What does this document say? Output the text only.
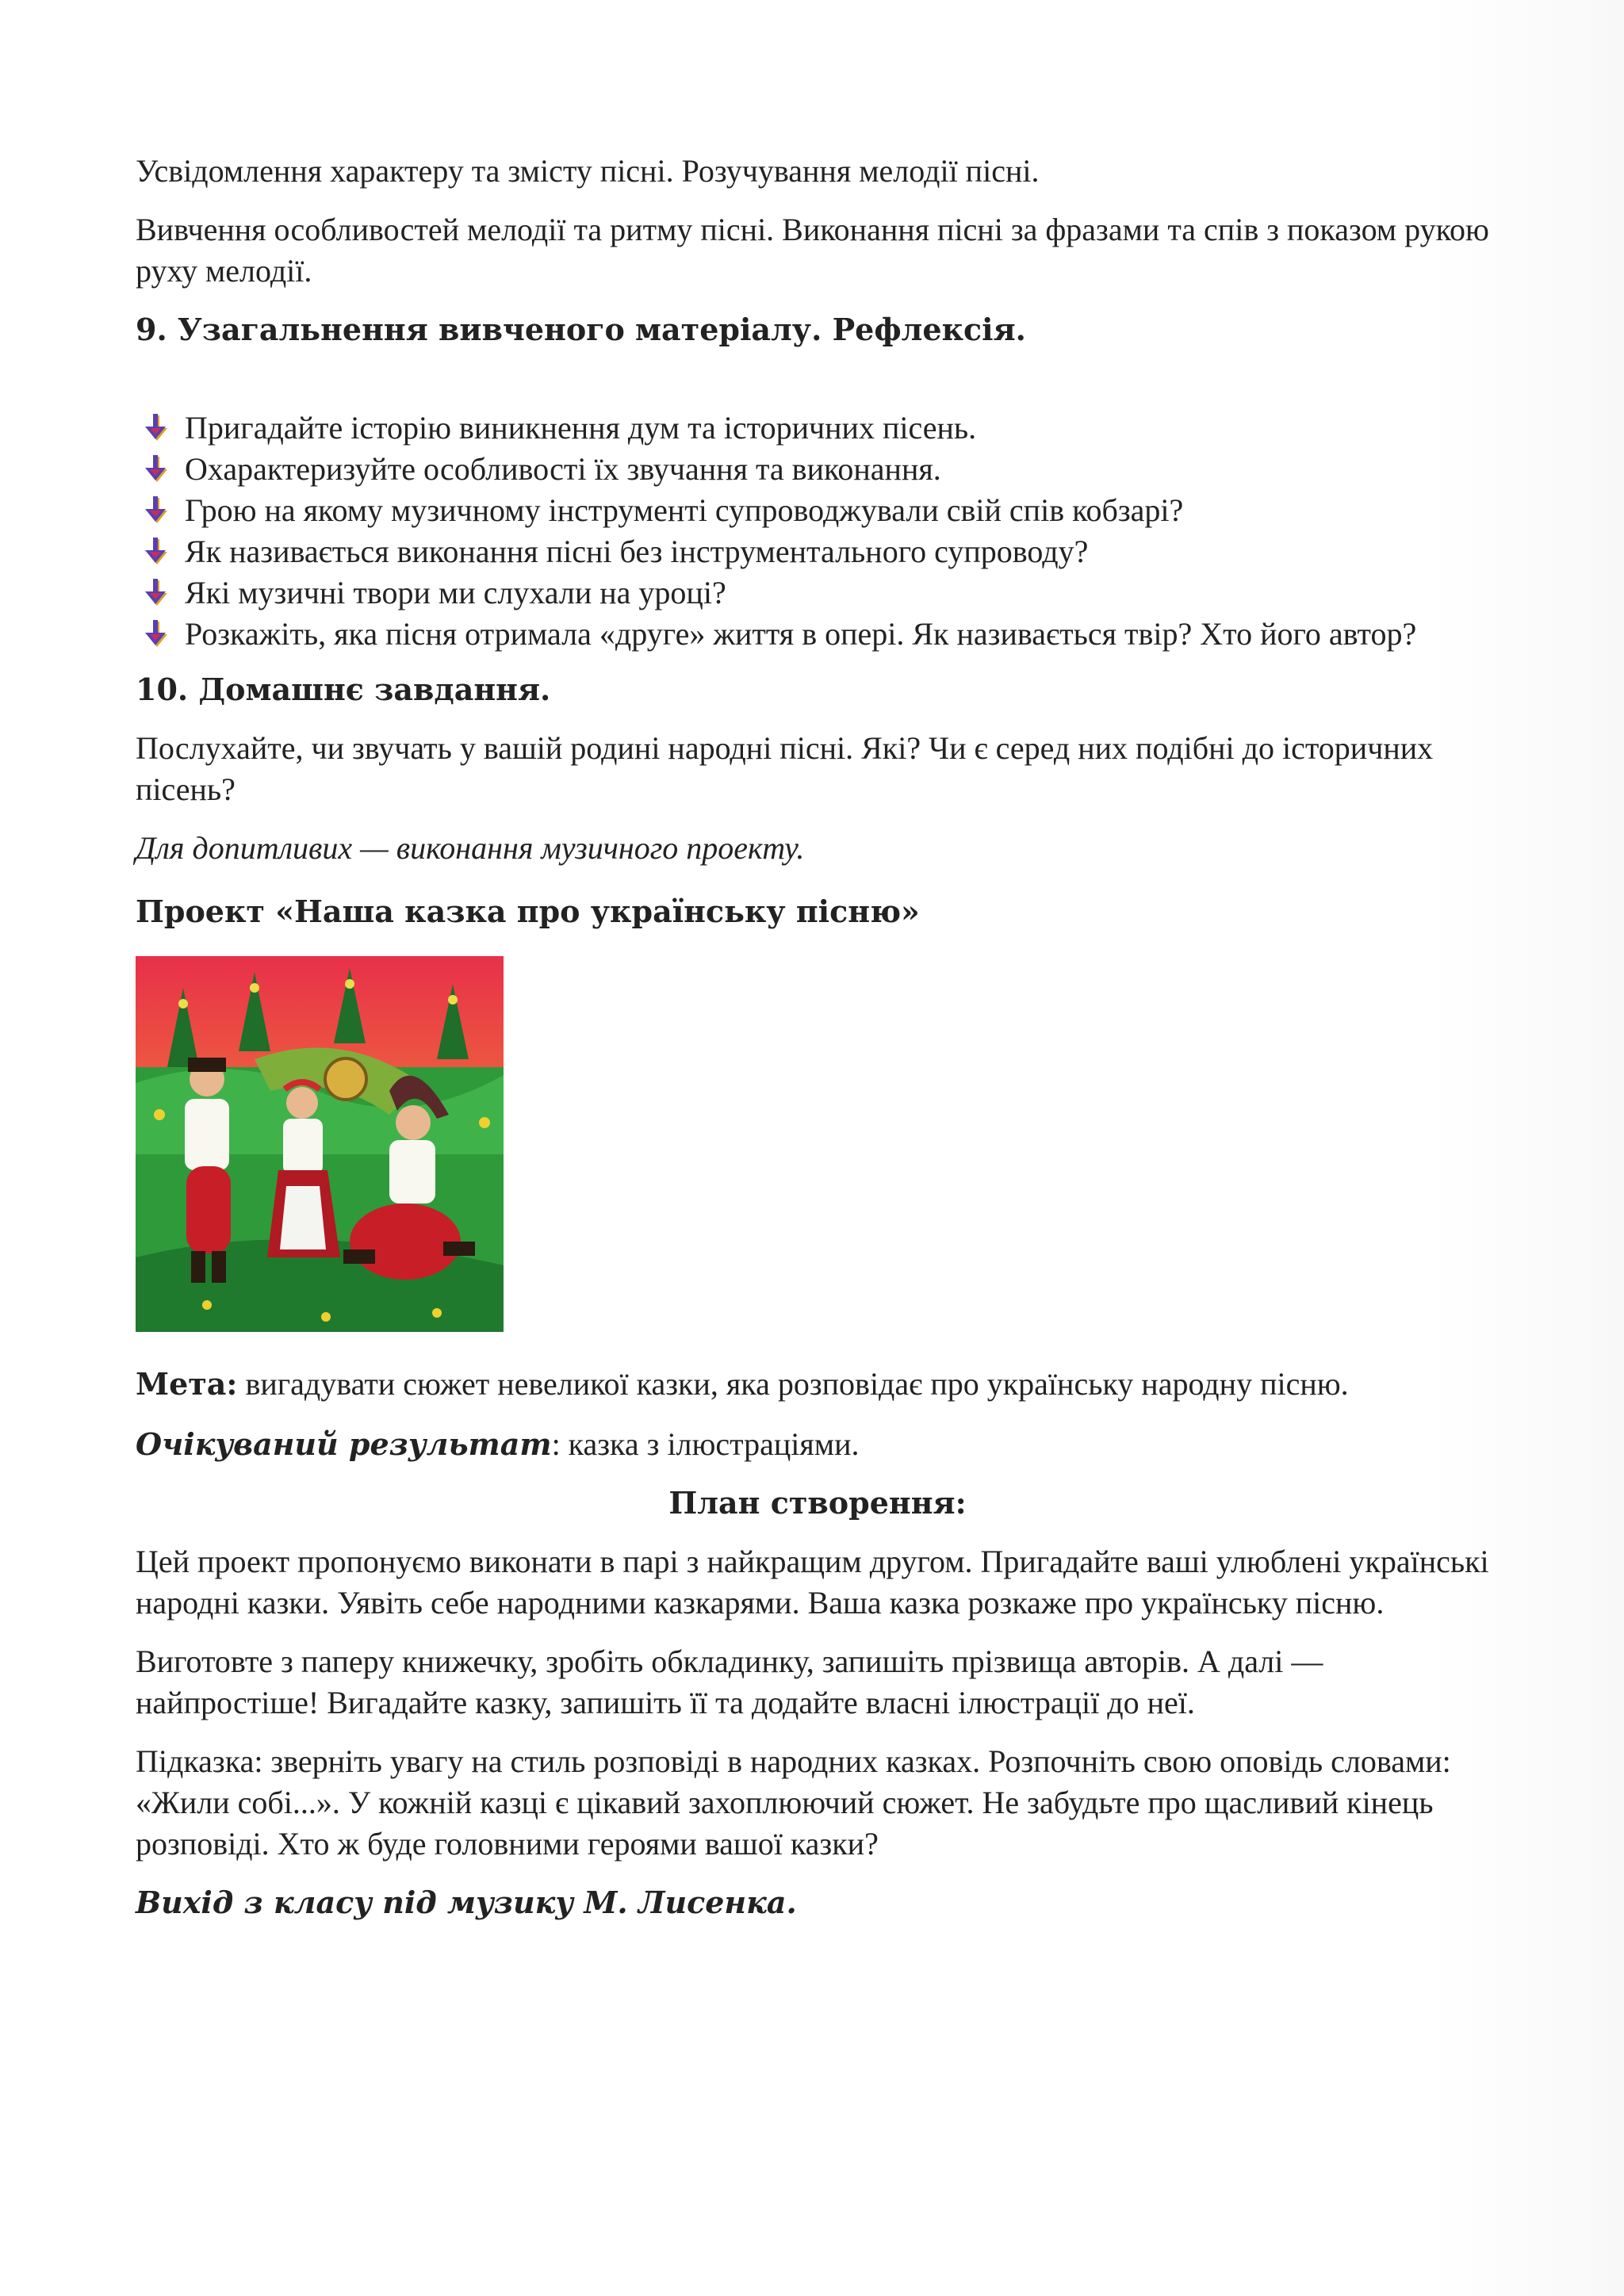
Усвідомлення характеру та змісту пісні. Розучування мелодії пісні.

Вивчення особливостей мелодії та ритму пісні. Виконання пісні за фразами та спів з показом рукою руху мелодії.

9. Узагальнення вивченого матеріалу. Рефлексія.

Пригадайте історію виникнення дум та історичних пісень.
Охарактеризуйте особливості їх звучання та виконання.
Грою на якому музичному інструменті супроводжували свій спів кобзарі?
Як називається виконання пісні без інструментального супроводу?
Які музичні твори ми слухали на уроці?
Розкажіть, яка пісня отримала «друге» життя в опері. Як називається твір? Хто його автор?

10. Домашнє завдання.

Послухайте, чи звучать у вашій родині народні пісні. Які? Чи є серед них подібні до історичних пісень?

Для допитливих — виконання музичного проекту.

Проект «Наша казка про українську пісню»

Мета: вигадувати сюжет невеликої казки, яка розповідає про українську народну пісню.

Очікуваний результат: казка з ілюстраціями.

План створення:

Цей проект пропонуємо виконати в парі з найкращим другом. Пригадайте ваші улюблені українські народні казки. Уявіть себе народними казкарями. Ваша казка розкаже про українську пісню.

Виготовте з паперу книжечку, зробіть обкладинку, запишіть прізвища авторів. А далі — найпростіше! Вигадайте казку, запишіть її та додайте власні ілюстрації до неї.

Підказка: зверніть увагу на стиль розповіді в народних казках. Розпочніть свою оповідь словами: «Жили собі...». У кожній казці є цікавий захоплюючий сюжет. Не забудьте про щасливий кінець розповіді. Хто ж буде головними героями вашої казки?

Вихід з класу під музику М. Лисенка.
